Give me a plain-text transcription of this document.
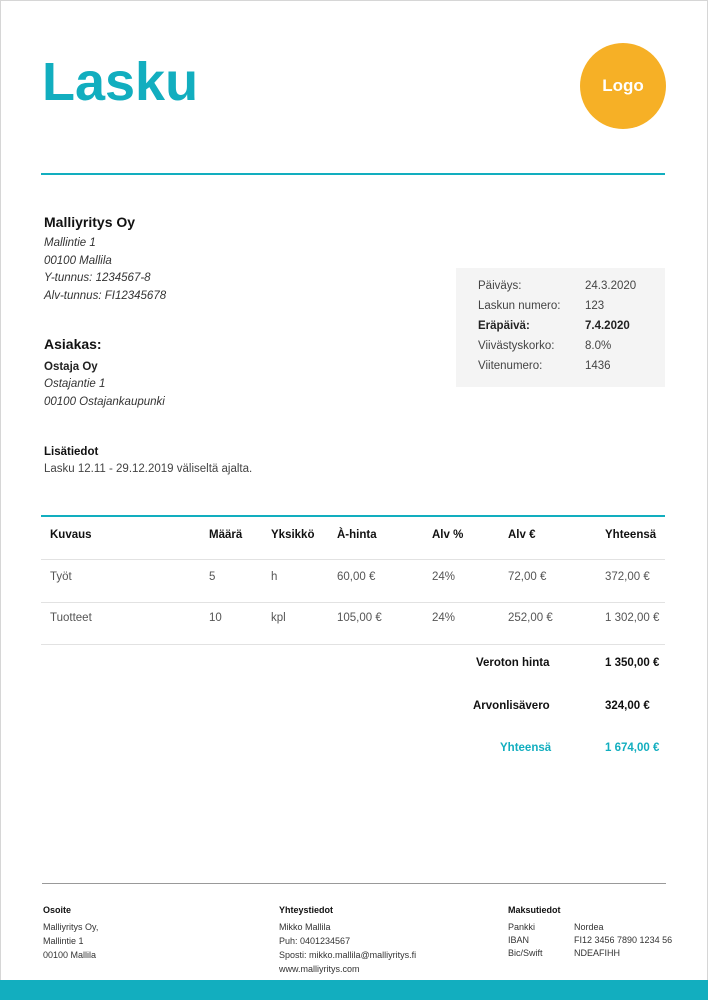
Lasku	Logo
Malliyritys Oy
Mallintie 1
00100 Mallila
Y-tunnus: 1234567-8
Alv-tunnus: FI12345678
Asiakas:
Ostaja Oy
Ostajantie 1
00100 Ostajankaupunki
Päiväys:	24.3.2020
Laskun numero: 123
Eräpäivä:	7.4.2020
Viivästyskorko:	8.0%
Viitenumero:	1436
Lisätiedot
Lasku 12.11 - 29.12.2019 väliseltä ajalta.
Kuvaus	Määrä	Yksikkö À-hinta	Alv %	Alv €	Yhteensä
Työt	5	h	60,00 €	24%	72,00 €	372,00 €
Tuotteet	10	kpl	105,00 €	24%	252,00 €	1 302,00 €
Veroton hinta	1 350,00 €
Arvonlisävero	324,00 €
Yhteensä	1 674,00 €
Osoite
Malliyritys Oy,
Mallintie 1
00100 Mallila
Yhteystiedot
Mikko Mallila
Puh: 0401234567
Sposti: mikko.mallila@malliyritys.fi
www.malliyritys.com
Maksutiedot
Pankki	Nordea
IBAN	FI12 3456 7890 1234 56
Bic/Swift	NDEAFIHH
